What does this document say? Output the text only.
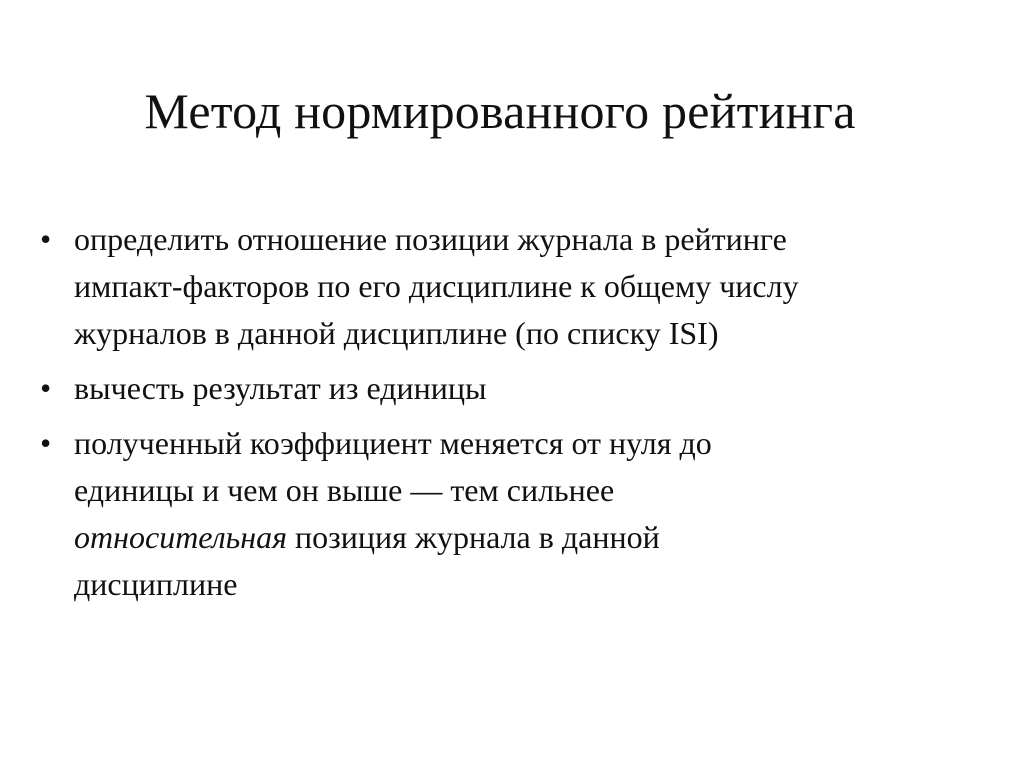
Метод нормированного рейтинга
• определить отношение позиции журнала в рейтинге
импакт-факторов по его дисциплине к общему числу
журналов в данной дисциплине (по списку ISI)
• вычесть результат из единицы
• полученный коэффициент меняется от нуля до
единицы и чем он выше — тем сильнее
относительная позиция журнала в данной
дисциплине
